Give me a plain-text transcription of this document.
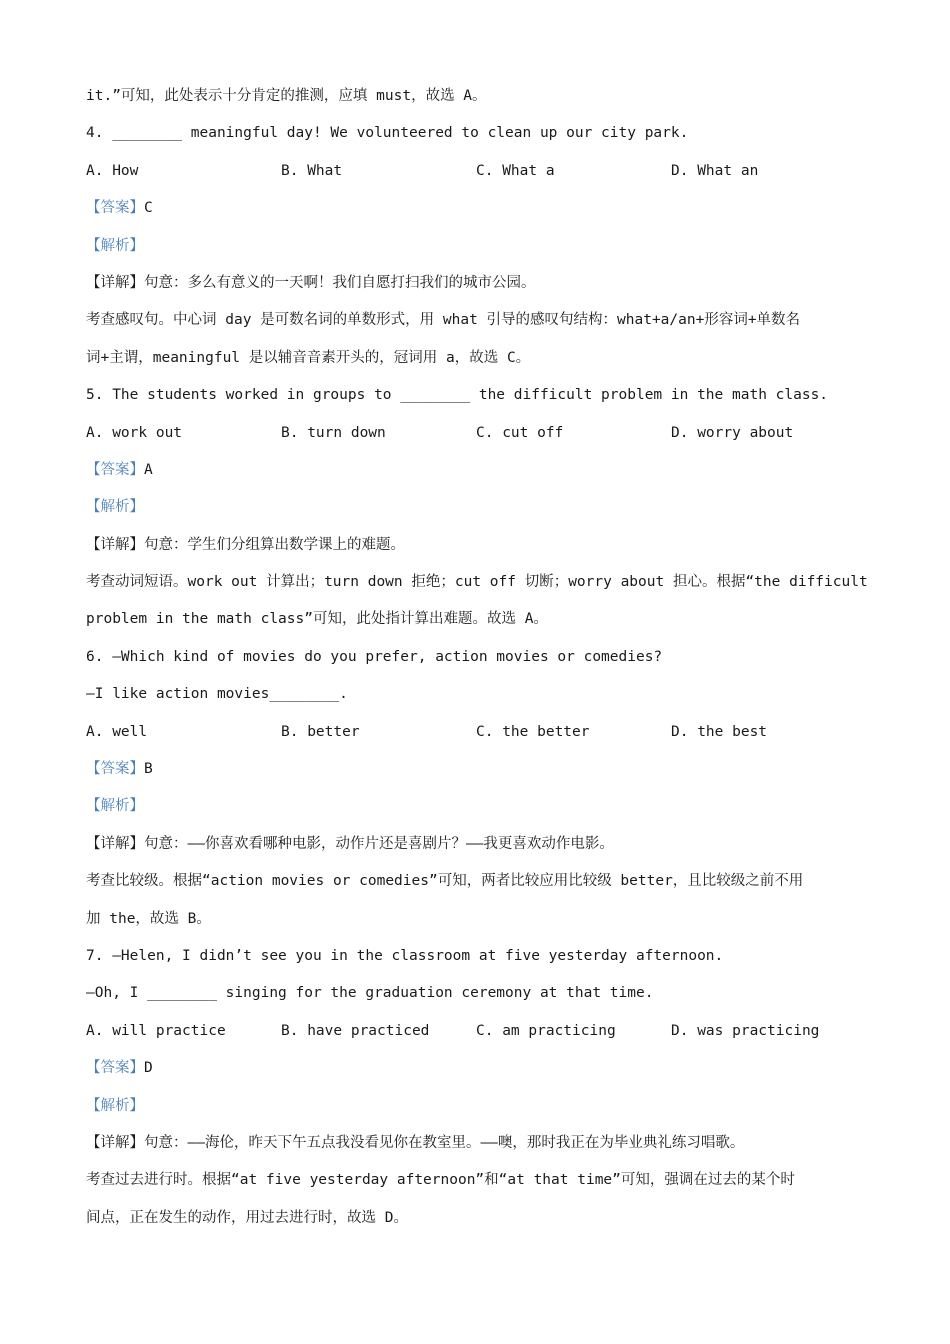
it.”可知，此处表示十分肯定的推测，应填 must，故选 A。
4. ________ meaningful day! We volunteered to clean up our city park.
A. How	B. What	C. What a	D. What an
【答案】C
【解析】
【详解】句意：多么有意义的一天啊！我们自愿打扫我们的城市公园。
考查感叹句。中心词 day 是可数名词的单数形式，用 what 引导的感叹句结构：what+a/an+形容词+单数名
词+主谓，meaningful 是以辅音音素开头的，冠词用 a，故选 C。
5. The students worked in groups to ________ the difficult problem in the math class.
A. work out	B. turn down	C. cut off	D. worry about
【答案】A
【解析】
【详解】句意：学生们分组算出数学课上的难题。
考查动词短语。work out 计算出；turn down 拒绝；cut off 切断；worry about 担心。根据“the difficult
problem in the math class”可知，此处指计算出难题。故选 A。
6. —Which kind of movies do you prefer, action movies or comedies?
—I like action movies________.
A. well	B. better	C. the better	D. the best
【答案】B
【解析】
【详解】句意：——你喜欢看哪种电影，动作片还是喜剧片？——我更喜欢动作电影。
考查比较级。根据“action movies or comedies”可知，两者比较应用比较级 better，且比较级之前不用
加 the，故选 B。
7. —Helen, I didn’t see you in the classroom at five yesterday afternoon.
—Oh, I ________ singing for the graduation ceremony at that time.
A. will practice	B. have practiced	C. am practicing	D. was practicing
【答案】D
【解析】
【详解】句意：——海伦，昨天下午五点我没看见你在教室里。——噢，那时我正在为毕业典礼练习唱歌。
考查过去进行时。根据“at five yesterday afternoon”和“at that time”可知，强调在过去的某个时
间点，正在发生的动作，用过去进行时，故选 D。
